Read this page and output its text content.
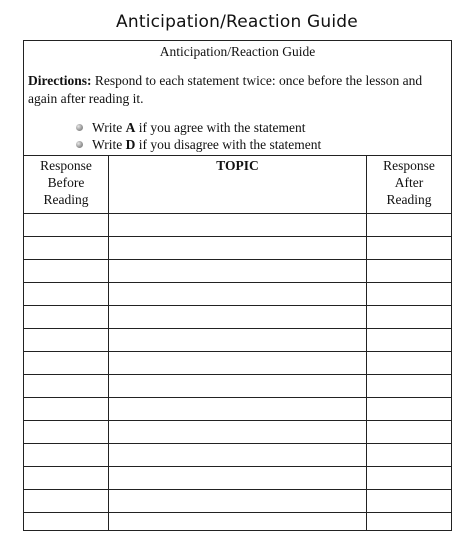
Anticipation/Reaction Guide
Anticipation/Reaction Guide
Directions: Respond to each statement twice: once before the lesson and again after reading it.
Write A if you agree with the statement
Write D if you disagree with the statement
Response
Before
Reading
TOPIC	Response
After
Reading
